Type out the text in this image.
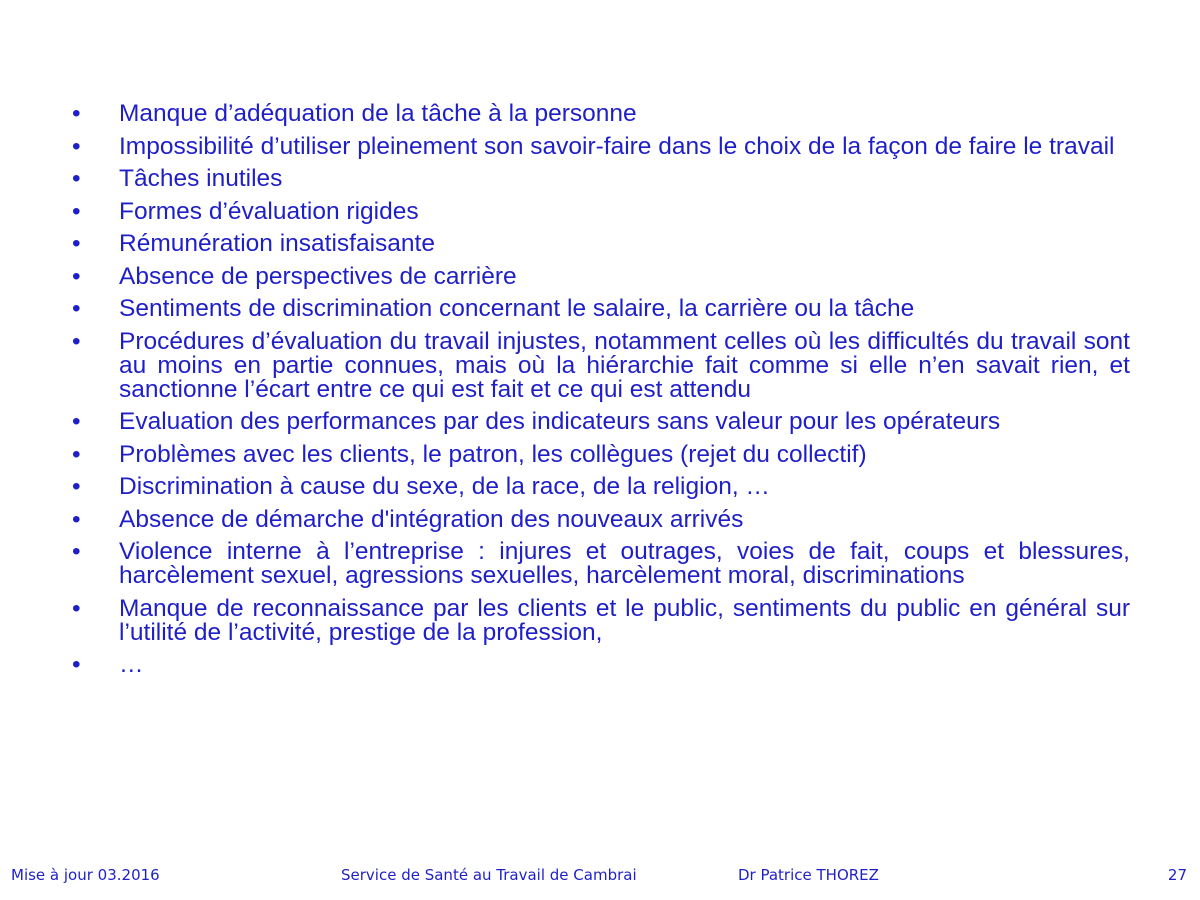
•	Manque d’adéquation de la tâche à la personne
•	Impossibilité d’utiliser pleinement son savoir-faire dans le choix de la façon de faire le travail
•	Tâches inutiles
•	Formes d’évaluation rigides
•	Rémunération insatisfaisante
•	Absence de perspectives de carrière
•	Sentiments de discrimination concernant le salaire, la carrière ou la tâche
•	Procédures d’évaluation du travail injustes, notamment celles où les difficultés du travail sont au moins en partie connues, mais où la hiérarchie fait comme si elle n’en savait rien, et sanctionne l’écart entre ce qui est fait et ce qui est attendu
•	Evaluation des performances par des indicateurs sans valeur pour les opérateurs
•	Problèmes avec les clients, le patron, les collègues (rejet du collectif)
•	Discrimination à cause du sexe, de la race, de la religion, …
•	Absence de démarche d'intégration des nouveaux arrivés
•	Violence interne à l’entreprise : injures et outrages, voies de fait, coups et blessures, harcèlement sexuel, agressions sexuelles, harcèlement moral, discriminations
•	Manque de reconnaissance par les clients et le public, sentiments du public en général sur l’utilité de l’activité, prestige de la profession,
•	…
Mise à jour 03.2016	Service de Santé au Travail de Cambrai	Dr Patrice THOREZ	27
